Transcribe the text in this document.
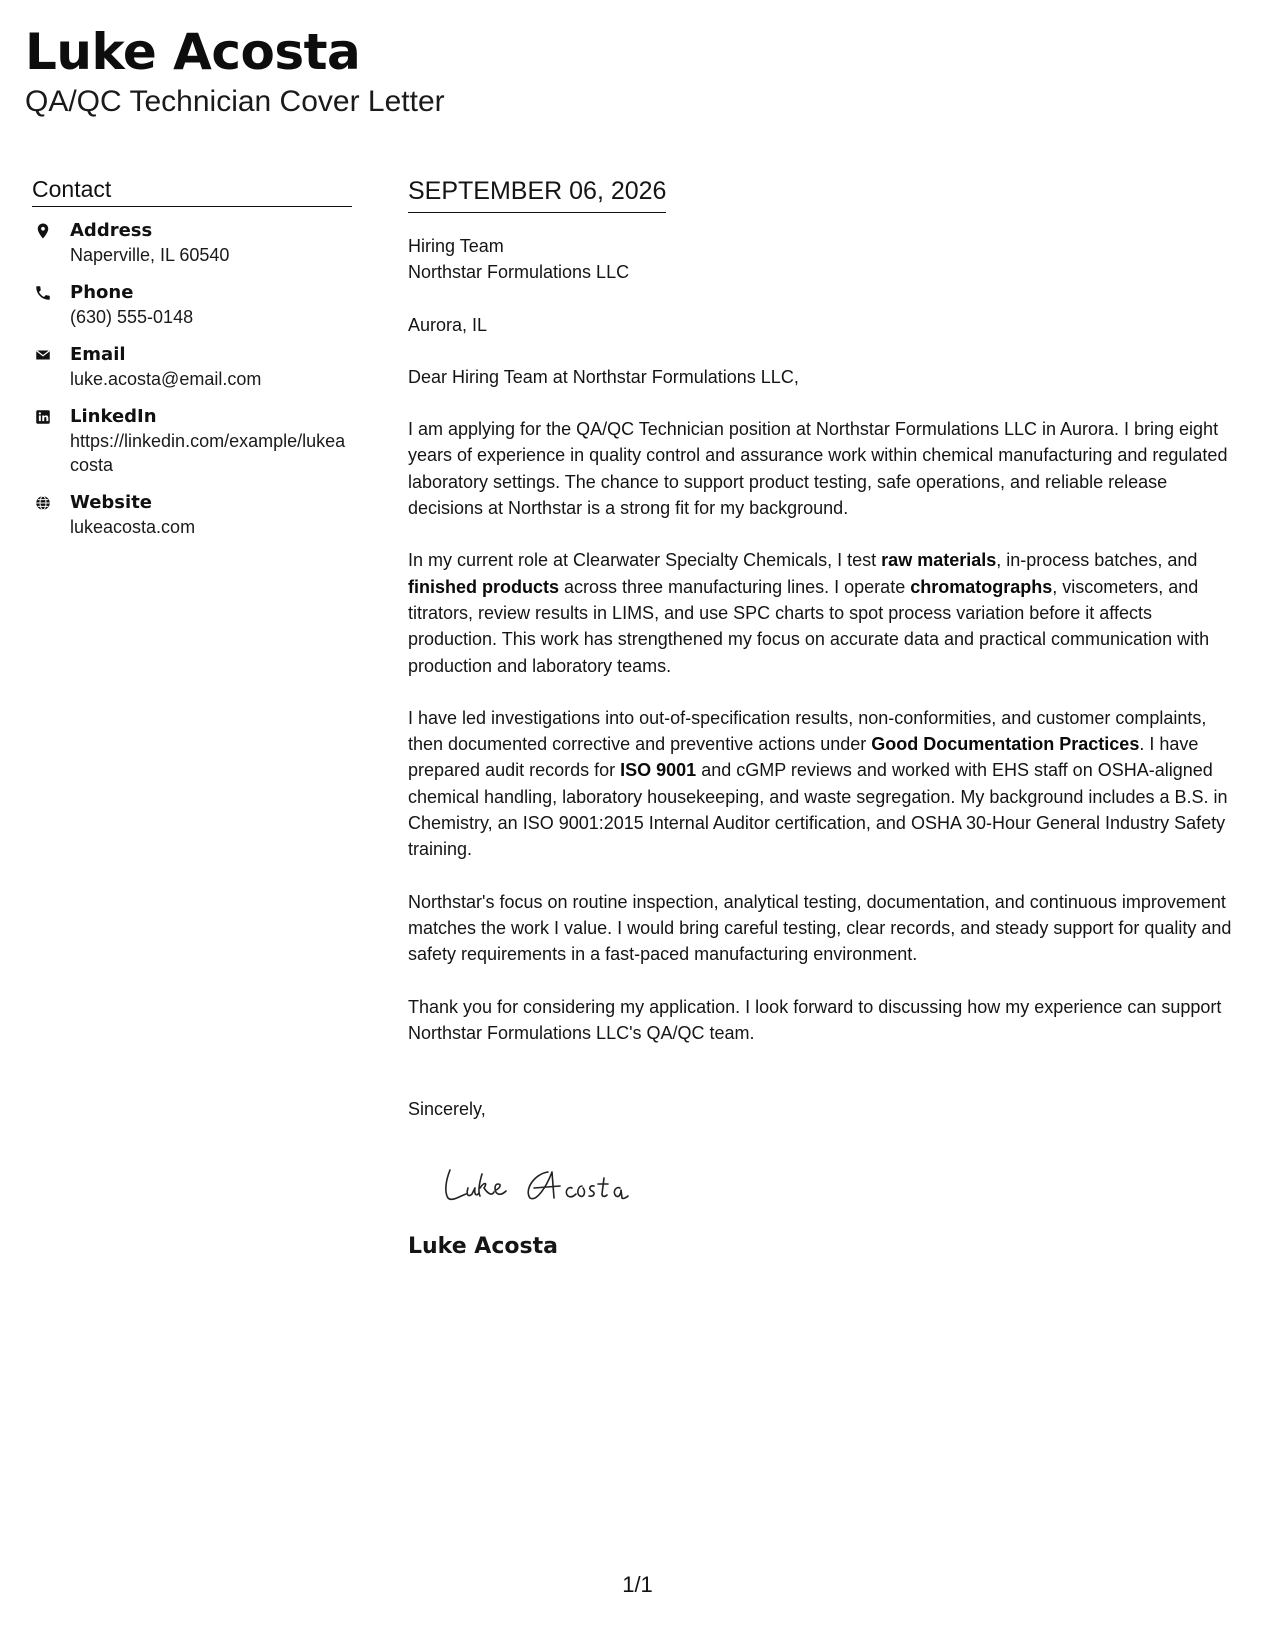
Luke Acosta
QA/QC Technician Cover Letter
Contact
Address
Naperville, IL 60540
Phone
(630) 555-0148
Email
luke.acosta@email.com
LinkedIn
https://linkedin.com/example/lukeacosta
Website
lukeacosta.com
SEPTEMBER 06, 2026
Hiring Team
Northstar Formulations LLC
Aurora, IL

Dear Hiring Team at Northstar Formulations LLC,

I am applying for the QA/QC Technician position at Northstar Formulations LLC in Aurora. I bring eight years of experience in quality control and assurance work within chemical manufacturing and regulated laboratory settings. The chance to support product testing, safe operations, and reliable release decisions at Northstar is a strong fit for my background.

In my current role at Clearwater Specialty Chemicals, I test raw materials, in-process batches, and finished products across three manufacturing lines. I operate chromatographs, viscometers, and titrators, review results in LIMS, and use SPC charts to spot process variation before it affects production. This work has strengthened my focus on accurate data and practical communication with production and laboratory teams.

I have led investigations into out-of-specification results, non-conformities, and customer complaints, then documented corrective and preventive actions under Good Documentation Practices. I have prepared audit records for ISO 9001 and cGMP reviews and worked with EHS staff on OSHA-aligned chemical handling, laboratory housekeeping, and waste segregation. My background includes a B.S. in Chemistry, an ISO 9001:2015 Internal Auditor certification, and OSHA 30-Hour General Industry Safety training.

Northstar's focus on routine inspection, analytical testing, documentation, and continuous improvement matches the work I value. I would bring careful testing, clear records, and steady support for quality and safety requirements in a fast-paced manufacturing environment.

Thank you for considering my application. I look forward to discussing how my experience can support Northstar Formulations LLC's QA/QC team.

Sincerely,
Luke Acosta
1/1
